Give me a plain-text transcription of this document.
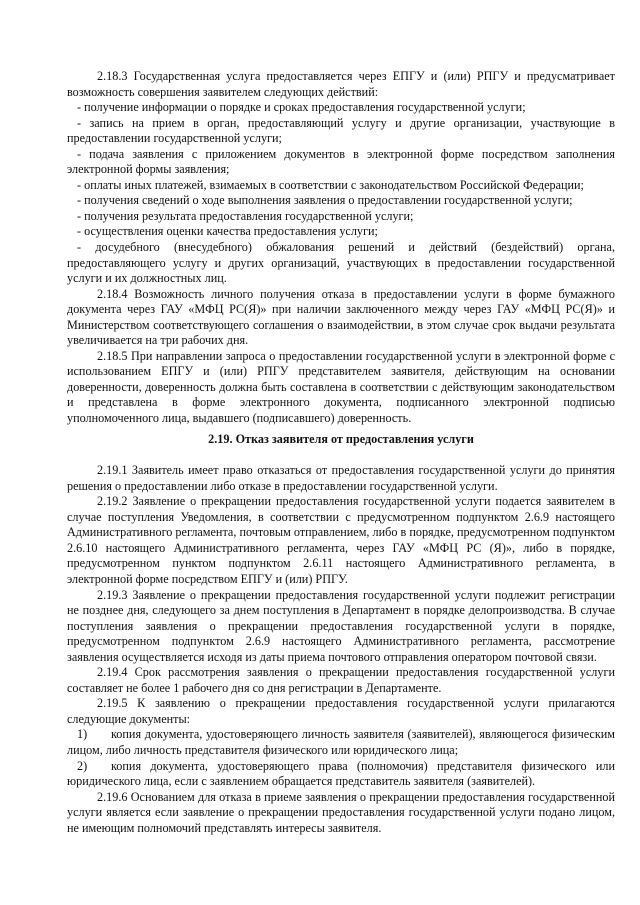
2.18.3 Государственная услуга предоставляется через ЕПГУ и (или) РПГУ и предусматривает возможность совершения заявителем следующих действий:

- получение информации о порядке и сроках предоставления государственной услуги;

- запись на прием в орган, предоставляющий услугу и другие организации, участвующие в предоставлении государственной услуги;

- подача заявления с приложением документов в электронной форме посредством заполнения электронной формы заявления;

- оплаты иных платежей, взимаемых в соответствии с законодательством Российской Федерации;

- получения сведений о ходе выполнения заявления о предоставлении государственной услуги;

- получения результата предоставления государственной услуги;

- осуществления оценки качества предоставления услуги;

- досудебного (внесудебного) обжалования решений и действий (бездействий) органа, предоставляющего услугу и других организаций, участвующих в предоставлении государственной услуги и их должностных лиц.

2.18.4 Возможность личного получения отказа в предоставлении услуги в форме бумажного документа через ГАУ «МФЦ РС(Я)» при наличии заключенного между через ГАУ «МФЦ РС(Я)» и Министерством соответствующего соглашения о взаимодействии, в этом случае срок выдачи результата увеличивается на три рабочих дня.

2.18.5 При направлении запроса о предоставлении государственной услуги в электронной форме с использованием ЕПГУ и (или) РПГУ представителем заявителя, действующим на основании доверенности, доверенность должна быть составлена в соответствии с действующим законодательством и представлена в форме электронного документа, подписанного электронной подписью уполномоченного лица, выдавшего (подписавшего) доверенность.

2.19. Отказ заявителя от предоставления услуги

2.19.1 Заявитель имеет право отказаться от предоставления государственной услуги до принятия решения о предоставлении либо отказе в предоставлении государственной услуги.

2.19.2 Заявление о прекращении предоставления государственной услуги подается заявителем в случае поступления Уведомления, в соответствии с предусмотренном подпунктом 2.6.9 настоящего Административного регламента, почтовым отправлением, либо в порядке, предусмотренном подпунктом 2.6.10 настоящего Административного регламента, через ГАУ «МФЦ РС (Я)», либо в порядке, предусмотренном пунктом подпунктом 2.6.11 настоящего Административного регламента, в электронной форме посредством ЕПГУ и (или) РПГУ.

2.19.3 Заявление о прекращении предоставления государственной услуги подлежит регистрации не позднее дня, следующего за днем поступления в Департамент в порядке делопроизводства. В случае поступления заявления о прекращении предоставления государственной услуги в порядке, предусмотренном подпунктом 2.6.9 настоящего Административного регламента, рассмотрение заявления осуществляется исходя из даты приема почтового отправления оператором почтовой связи.

2.19.4 Срок рассмотрения заявления о прекращении предоставления государственной услуги составляет не более 1 рабочего дня со дня регистрации в Департаменте.

2.19.5 К заявлению о прекращении предоставления государственной услуги прилагаются следующие документы:

1) копия документа, удостоверяющего личность заявителя (заявителей), являющегося физическим лицом, либо личность представителя физического или юридического лица;

2) копия документа, удостоверяющего права (полномочия) представителя физического или юридического лица, если с заявлением обращается представитель заявителя (заявителей).

2.19.6 Основанием для отказа в приеме заявления о прекращении предоставления государственной услуги является если заявление о прекращении предоставления государственной услуги подано лицом, не имеющим полномочий представлять интересы заявителя.
